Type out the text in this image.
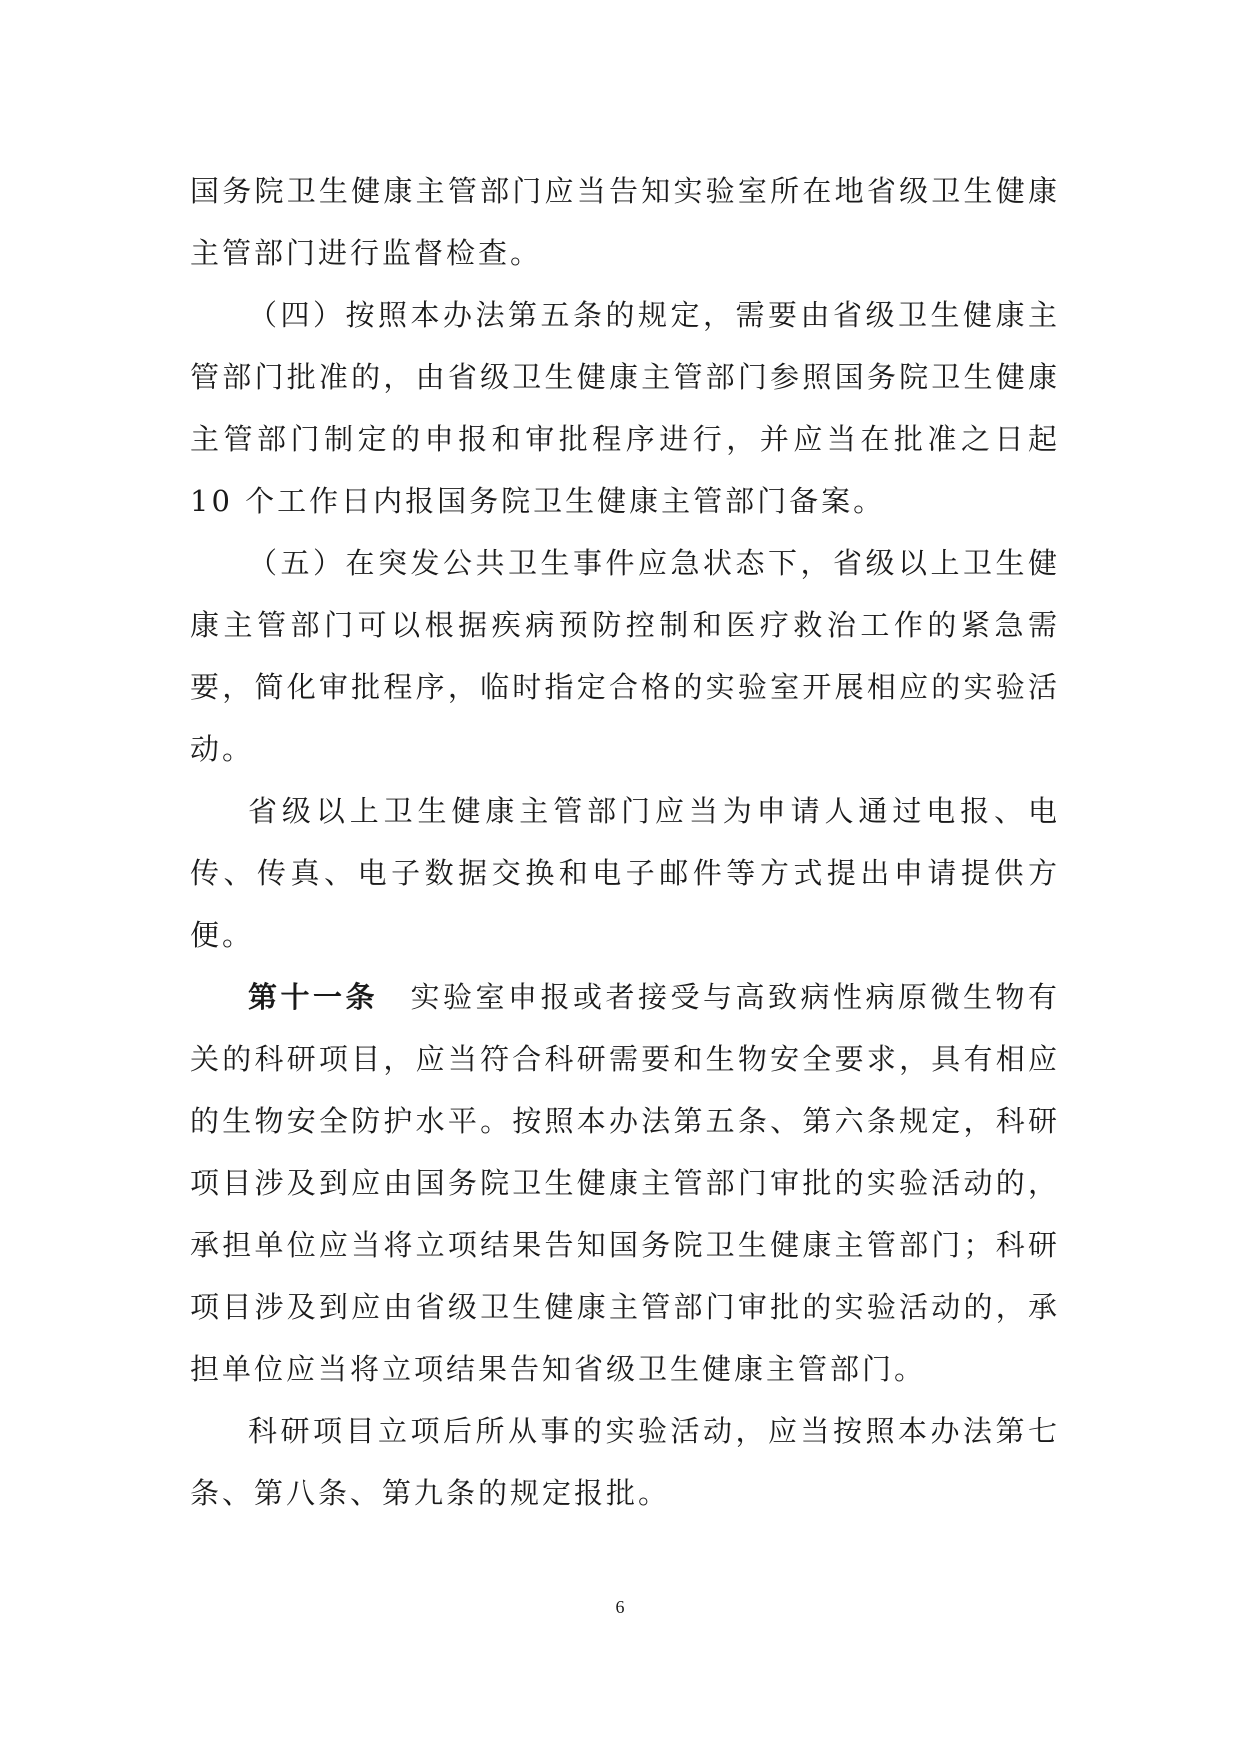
国务院卫生健康主管部门应当告知实验室所在地省级卫生健康主管部门进行监督检查。

（四）按照本办法第五条的规定，需要由省级卫生健康主管部门批准的，由省级卫生健康主管部门参照国务院卫生健康主管部门制定的申报和审批程序进行，并应当在批准之日起 10 个工作日内报国务院卫生健康主管部门备案。

（五）在突发公共卫生事件应急状态下，省级以上卫生健康主管部门可以根据疾病预防控制和医疗救治工作的紧急需要，简化审批程序，临时指定合格的实验室开展相应的实验活动。

省级以上卫生健康主管部门应当为申请人通过电报、电传、传真、电子数据交换和电子邮件等方式提出申请提供方便。

第十一条　 实验室申报或者接受与高致病性病原微生物有关的科研项目，应当符合科研需要和生物安全要求，具有相应的生物安全防护水平。按照本办法第五条、第六条规定，科研项目涉及到应由国务院卫生健康主管部门审批的实验活动的，承担单位应当将立项结果告知国务院卫生健康主管部门；科研项目涉及到应由省级卫生健康主管部门审批的实验活动的，承担单位应当将立项结果告知省级卫生健康主管部门。

科研项目立项后所从事的实验活动，应当按照本办法第七条、第八条、第九条的规定报批。

6
